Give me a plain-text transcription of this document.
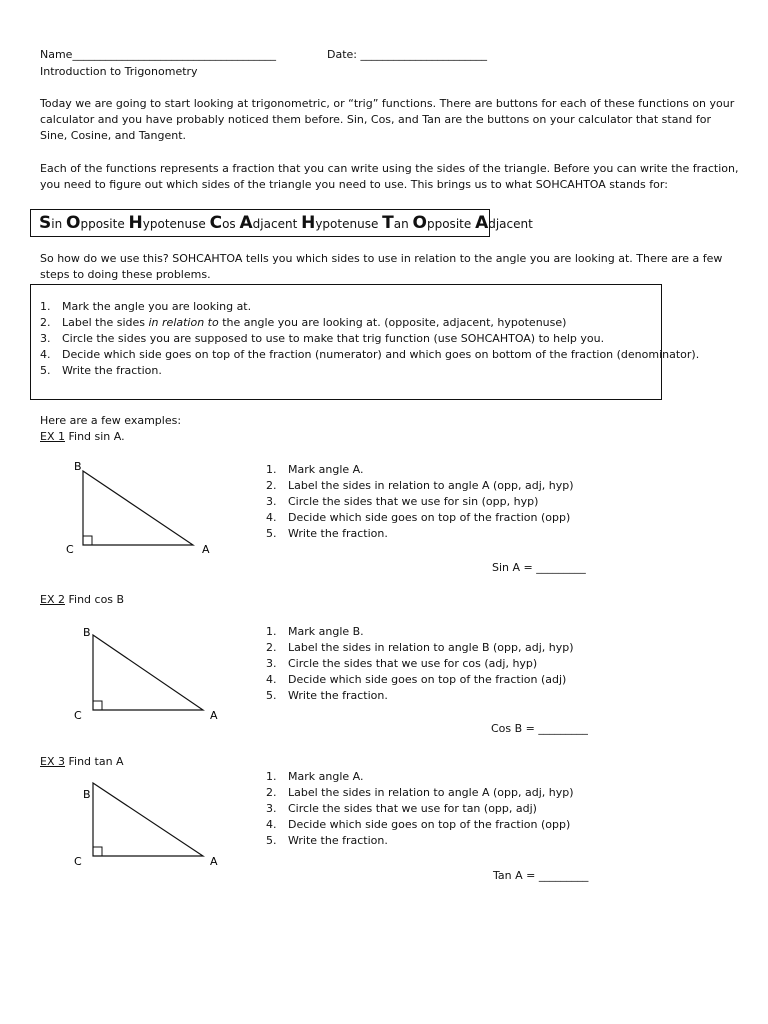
Name_____________________________________	Date: _______________________
Introduction to Trigonometry
Today we are going to start looking at trigonometric, or “trig” functions. There are buttons for each of these functions on your calculator and you have probably noticed them before. Sin, Cos, and Tan are the buttons on your calculator that stand for Sine, Cosine, and Tangent.
Each of the functions represents a fraction that you can write using the sides of the triangle. Before you can write the fraction, you need to figure out which sides of the triangle you need to use. This brings us to what SOHCAHTOA stands for:
Sin Opposite Hypotenuse Cos Adjacent Hypotenuse Tan Opposite Adjacent
So how do we use this? SOHCAHTOA tells you which sides to use in relation to the angle you are looking at. There are a few steps to doing these problems.
1. Mark the angle you are looking at.
2. Label the sides in relation to the angle you are looking at. (opposite, adjacent, hypotenuse)
3. Circle the sides you are supposed to use to make that trig function (use SOHCAHTOA) to help you.
4. Decide which side goes on top of the fraction (numerator) and which goes on bottom of the fraction (denominator).
5. Write the fraction.
Here are a few examples:
EX 1 Find sin A.
B
C	A
1. Mark angle A.
2. Label the sides in relation to angle A (opp, adj, hyp)
3. Circle the sides that we use for sin (opp, hyp)
4. Decide which side goes on top of the fraction (opp)
5. Write the fraction.
Sin A = _________
EX 2 Find cos B
B
C	A
1. Mark angle B.
2. Label the sides in relation to angle B (opp, adj, hyp)
3. Circle the sides that we use for cos (adj, hyp)
4. Decide which side goes on top of the fraction (adj)
5. Write the fraction.
Cos B = _________
EX 3 Find tan A
B
C	A
1. Mark angle A.
2. Label the sides in relation to angle A (opp, adj, hyp)
3. Circle the sides that we use for tan (opp, adj)
4. Decide which side goes on top of the fraction (opp)
5. Write the fraction.
Tan A = _________
